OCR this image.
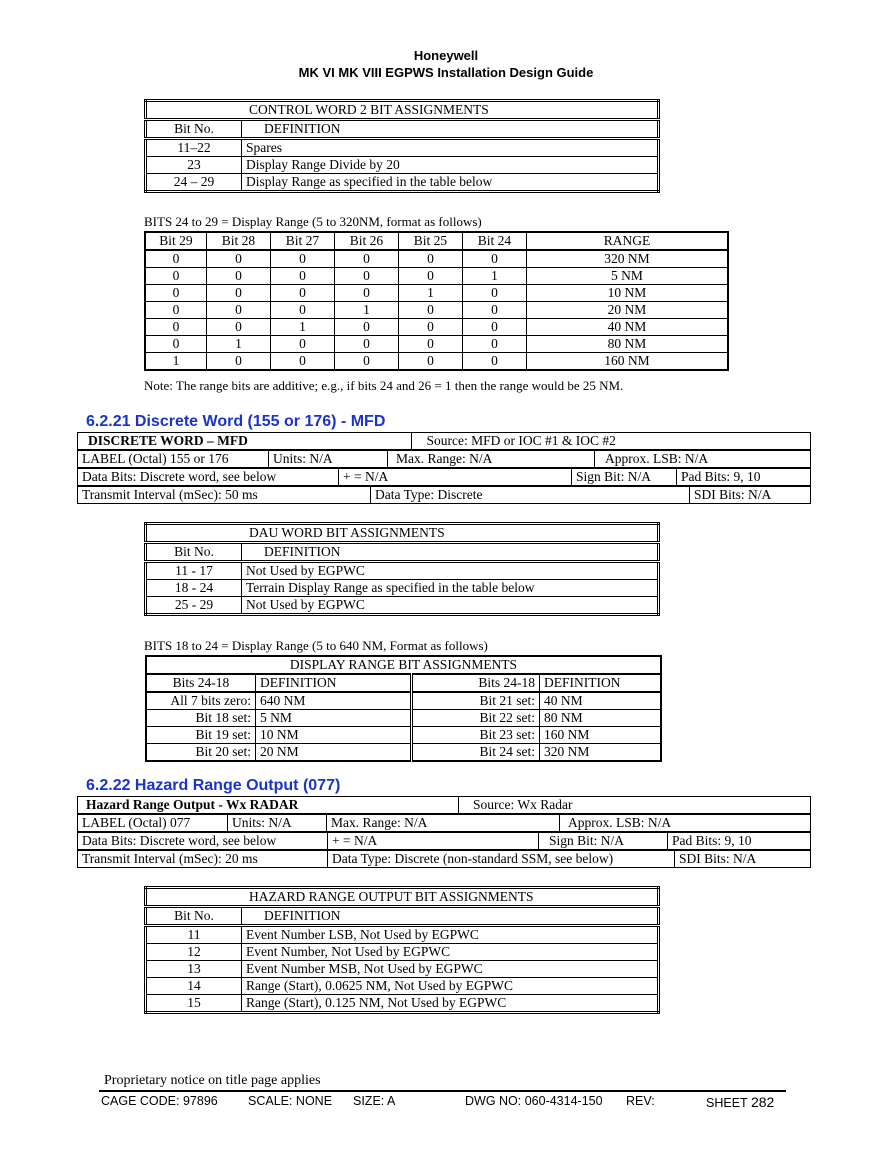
Honeywell
MK VI MK VIII EGPWS Installation Design Guide
CONTROL WORD 2 BIT ASSIGNMENTS	
Bit No.	DEFINITION
11–22	Spares
23	Display Range Divide by 20
24 – 29	Display Range as specified in the table below
BITS 24 to 29 = Display Range (5 to 320NM, format as follows)
Bit 29	Bit 28	Bit 27	Bit 26	Bit 25	Bit 24	RANGE
0	0	0	0	0	0	320 NM
0	0	0	0	0	1	5 NM
0	0	0	0	1	0	10 NM
0	0	0	1	0	0	20 NM
0	0	1	0	0	0	40 NM
0	1	0	0	0	0	80 NM
1	0	0	0	0	0	160 NM
Note: The range bits are additive; e.g., if bits 24 and 26 = 1 then the range would be 25 NM.
6.2.21 Discrete Word (155 or 176) - MFD
DISCRETE WORD – MFD	Source: MFD or IOC #1 & IOC #2
LABEL (Octal) 155 or 176	Units: N/A	Max. Range: N/A	Approx. LSB: N/A
Data Bits: Discrete word, see below	+ = N/A	Sign Bit: N/A	Pad Bits: 9, 10
Transmit Interval (mSec): 50 ms	Data Type: Discrete	SDI Bits: N/A
DAU WORD BIT ASSIGNMENTS	
Bit No.	DEFINITION
11 - 17	Not Used by EGPWC
18 - 24	Terrain Display Range as specified in the table below
25 - 29	Not Used by EGPWC
BITS 18 to 24 = Display Range (5 to 640 NM, Format as follows)
DISPLAY RANGE BIT ASSIGNMENTS			
Bits 24-18	DEFINITION	Bits 24-18	DEFINITION
All 7 bits zero:	640 NM	Bit 21 set:	40 NM
Bit 18 set:	5 NM	Bit 22 set:	80 NM
Bit 19 set:	10 NM	Bit 23 set:	160 NM
Bit 20 set:	20 NM	Bit 24 set:	320 NM
6.2.22 Hazard Range Output (077)
Hazard Range Output - Wx RADAR	Source: Wx Radar
LABEL (Octal) 077	Units: N/A	Max. Range: N/A	Approx. LSB: N/A
Data Bits: Discrete word, see below	+ = N/A	Sign Bit: N/A	Pad Bits: 9, 10
Transmit Interval (mSec): 20 ms	Data Type: Discrete (non-standard SSM, see below)	SDI Bits: N/A
HAZARD RANGE OUTPUT BIT ASSIGNMENTS	
Bit No.	DEFINITION
11	Event Number LSB, Not Used by EGPWC
12	Event Number, Not Used by EGPWC
13	Event Number MSB, Not Used by EGPWC
14	Range (Start), 0.0625 NM, Not Used by EGPWC
15	Range (Start), 0.125 NM, Not Used by EGPWC
Proprietary notice on title page applies
CAGE CODE: 97896 SCALE: NONE SIZE: A	DWG NO: 060-4314-150 REV:	SHEET 282
